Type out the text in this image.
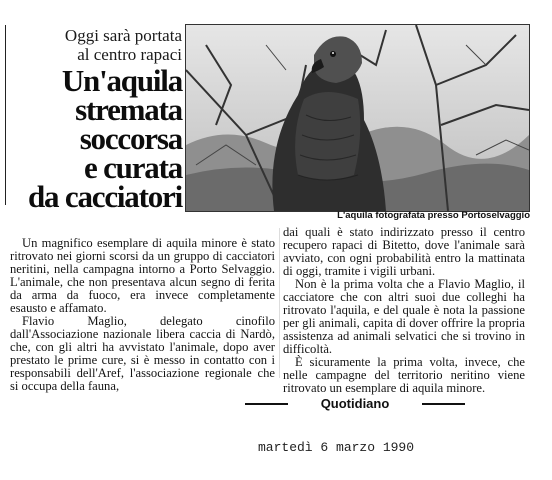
Oggi sarà portata
al centro rapaci
Un'aquila
stremata
soccorsa
e curata
da cacciatori
L'aquila fotografata presso Portoselvaggio

Un magnifico esemplare di aquila minore è stato ritrovato nei giorni scorsi da un gruppo di cacciatori neritini, nella campagna intorno a Porto Selvaggio. L'animale, che non presentava alcun segno di ferita da arma da fuoco, era invece completamente esausto e affamato.

Flavio Maglio, delegato cinofilo dall'Associazione nazionale libera caccia di Nardò, che, con gli altri ha avvistato l'animale, dopo aver prestato le prime cure, si è messo in contatto con i responsabili dell'Aref, l'associazione regionale che si occupa della fauna,

dai quali è stato indirizzato presso il centro recupero rapaci di Bitetto, dove l'animale sarà avviato, con ogni probabilità entro la mattinata di oggi, tramite i vigili urbani.

Non è la prima volta che a Flavio Maglio, il cacciatore che con altri suoi due colleghi ha ritrovato l'aquila, e del quale è nota la passione per gli animali, capita di dover offrire la propria assistenza ad animali selvatici che si trovino in difficoltà.

È sicuramente la prima volta, invece, che nelle campagne del territorio neritino viene ritrovato un esemplare di aquila minore.

Quotidiano
martedì 6 marzo 1990
